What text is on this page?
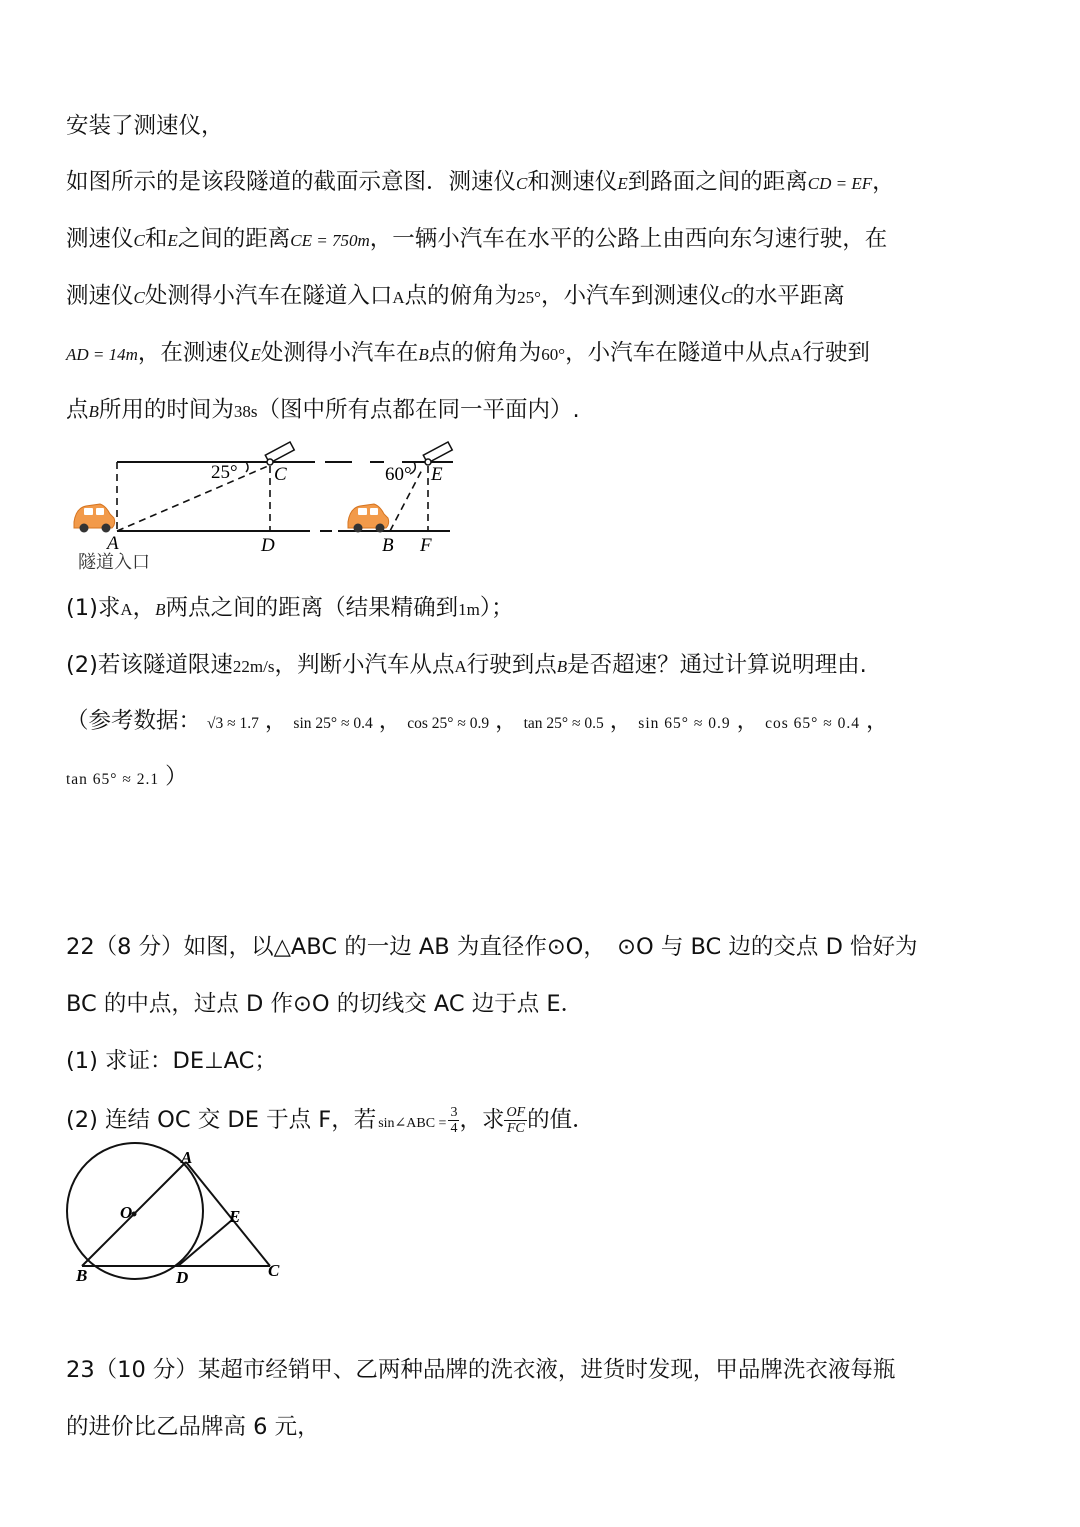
安装了测速仪，
如图所示的是该段隧道的截面示意图．测速仪C和测速仪E到路面之间的距离CD = EF，
测速仪C和E之间的距离CE = 750m，一辆小汽车在水平的公路上由西向东匀速行驶，在
测速仪C处测得小汽车在隧道入口A点的俯角为25°，小汽车到测速仪C的水平距离
AD = 14m，在测速仪E处测得小汽车在B点的俯角为60°，小汽车在隧道中从点A行驶到
点B所用的时间为38s（图中所有点都在同一平面内）.
25°	60°
C	E
A	D	B F
隧道入口
(1)求A，B两点之间的距离（结果精确到1m）；
(2)若该隧道限速22m/s，判断小汽车从点A行驶到点B是否超速？通过计算说明理由.
（参考数据： √3 ≈ 1.7 ， sin 25° ≈ 0.4 ， cos 25° ≈ 0.9 ， tan 25° ≈ 0.5 ， sin 65° ≈ 0.9 ， cos 65° ≈ 0.4 ，
tan 65° ≈ 2.1 ）
22（8 分）如图，以△ABC 的一边 AB 为直径作⊙O，　⊙O 与 BC 边的交点 D 恰好为
BC 的中点，过点 D 作⊙O 的切线交 AC 边于点 E．
(1) 求证：DE⊥AC；
(2) 连结 OC 交 DE 于点 F，若 sin∠ABC = $\frac{3}{4}$ ，求 $\frac{OF}{FC}$ 的值．
A
O	E
B	D	C
23（10 分）某超市经销甲、乙两种品牌的洗衣液，进货时发现，甲品牌洗衣液每瓶
的进价比乙品牌高 6 元，
